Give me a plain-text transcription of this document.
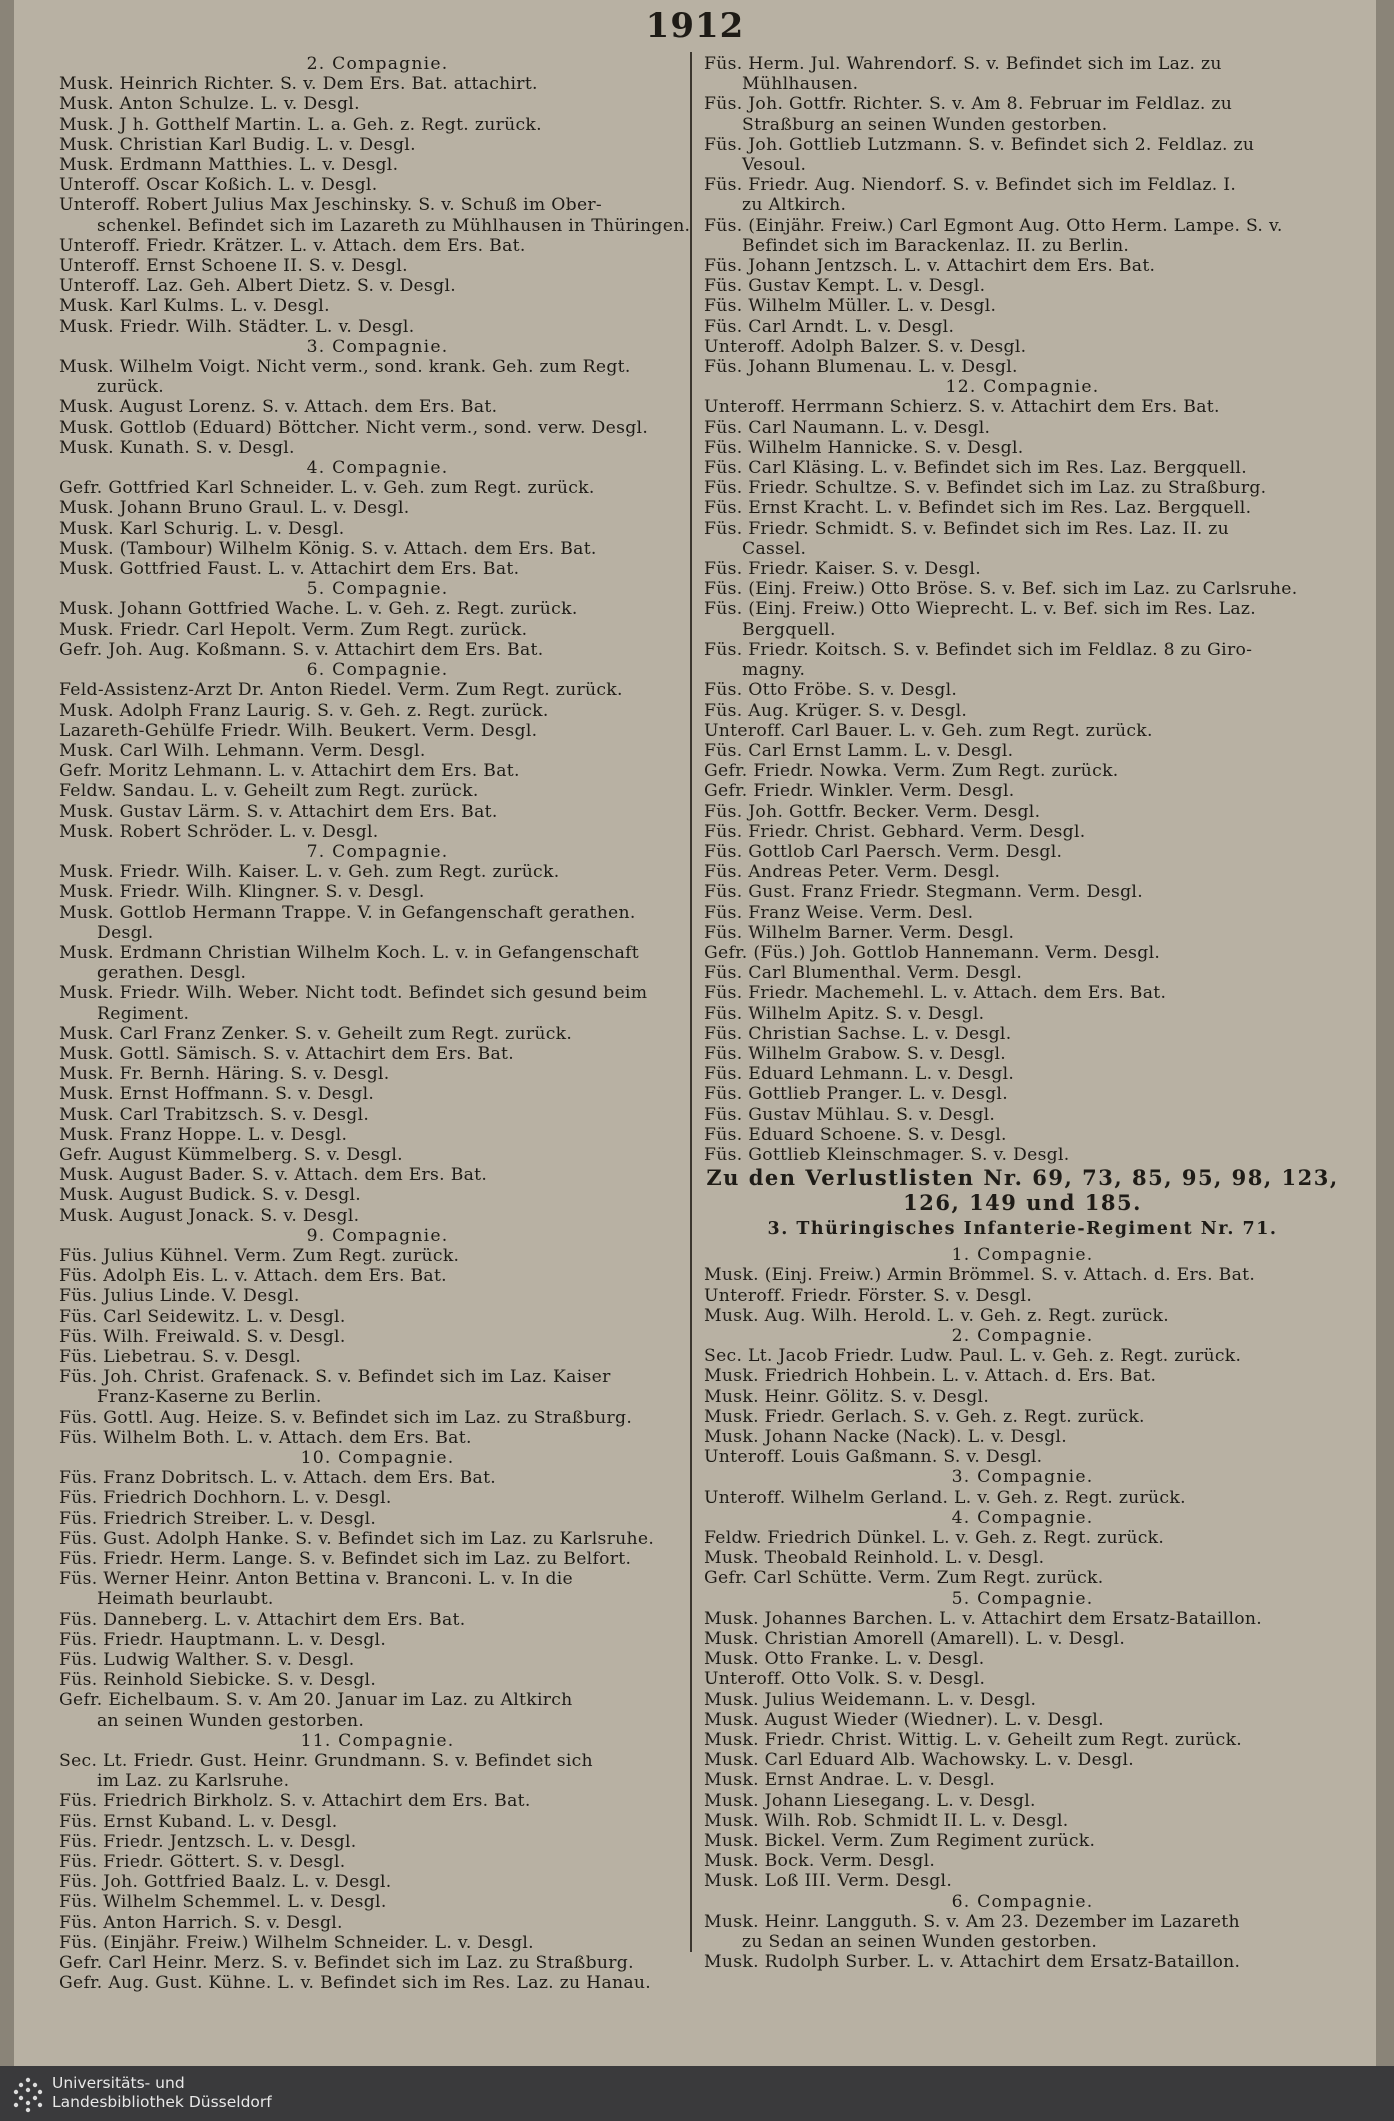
1912
2. Compagnie.
Musk. Heinrich Richter. S. v. Dem Ers. Bat. attachirt.
Musk. Anton Schulze. L. v. Desgl.
Musk. J h. Gotthelf Martin. L. a. Geh. z. Regt. zurück.
Musk. Christian Karl Budig. L. v. Desgl.
Musk. Erdmann Matthies. L. v. Desgl.
Unteroff. Oscar Koßich. L. v. Desgl.
Unteroff. Robert Julius Max Jeschinsky. S. v. Schuß im Ober-
schenkel. Befindet sich im Lazareth zu Mühlhausen in Thüringen.
Unteroff. Friedr. Krätzer. L. v. Attach. dem Ers. Bat.
Unteroff. Ernst Schoene II. S. v. Desgl.
Unteroff. Laz. Geh. Albert Dietz. S. v. Desgl.
Musk. Karl Kulms. L. v. Desgl.
Musk. Friedr. Wilh. Städter. L. v. Desgl.
3. Compagnie.
Musk. Wilhelm Voigt. Nicht verm., sond. krank. Geh. zum Regt.
zurück.
Musk. August Lorenz. S. v. Attach. dem Ers. Bat.
Musk. Gottlob (Eduard) Böttcher. Nicht verm., sond. verw. Desgl.
Musk. Kunath. S. v. Desgl.
4. Compagnie.
Gefr. Gottfried Karl Schneider. L. v. Geh. zum Regt. zurück.
Musk. Johann Bruno Graul. L. v. Desgl.
Musk. Karl Schurig. L. v. Desgl.
Musk. (Tambour) Wilhelm König. S. v. Attach. dem Ers. Bat.
Musk. Gottfried Faust. L. v. Attachirt dem Ers. Bat.
5. Compagnie.
Musk. Johann Gottfried Wache. L. v. Geh. z. Regt. zurück.
Musk. Friedr. Carl Hepolt. Verm. Zum Regt. zurück.
Gefr. Joh. Aug. Koßmann. S. v. Attachirt dem Ers. Bat.
6. Compagnie.
Feld-Assistenz-Arzt Dr. Anton Riedel. Verm. Zum Regt. zurück.
Musk. Adolph Franz Laurig. S. v. Geh. z. Regt. zurück.
Lazareth-Gehülfe Friedr. Wilh. Beukert. Verm. Desgl.
Musk. Carl Wilh. Lehmann. Verm. Desgl.
Gefr. Moritz Lehmann. L. v. Attachirt dem Ers. Bat.
Feldw. Sandau. L. v. Geheilt zum Regt. zurück.
Musk. Gustav Lärm. S. v. Attachirt dem Ers. Bat.
Musk. Robert Schröder. L. v. Desgl.
7. Compagnie.
Musk. Friedr. Wilh. Kaiser. L. v. Geh. zum Regt. zurück.
Musk. Friedr. Wilh. Klingner. S. v. Desgl.
Musk. Gottlob Hermann Trappe. V. in Gefangenschaft gerathen.
Desgl.
Musk. Erdmann Christian Wilhelm Koch. L. v. in Gefangenschaft
gerathen. Desgl.
Musk. Friedr. Wilh. Weber. Nicht todt. Befindet sich gesund beim
Regiment.
Musk. Carl Franz Zenker. S. v. Geheilt zum Regt. zurück.
Musk. Gottl. Sämisch. S. v. Attachirt dem Ers. Bat.
Musk. Fr. Bernh. Häring. S. v. Desgl.
Musk. Ernst Hoffmann. S. v. Desgl.
Musk. Carl Trabitzsch. S. v. Desgl.
Musk. Franz Hoppe. L. v. Desgl.
Gefr. August Kümmelberg. S. v. Desgl.
Musk. August Bader. S. v. Attach. dem Ers. Bat.
Musk. August Budick. S. v. Desgl.
Musk. August Jonack. S. v. Desgl.
9. Compagnie.
Füs. Julius Kühnel. Verm. Zum Regt. zurück.
Füs. Adolph Eis. L. v. Attach. dem Ers. Bat.
Füs. Julius Linde. V. Desgl.
Füs. Carl Seidewitz. L. v. Desgl.
Füs. Wilh. Freiwald. S. v. Desgl.
Füs. Liebetrau. S. v. Desgl.
Füs. Joh. Christ. Grafenack. S. v. Befindet sich im Laz. Kaiser
Franz-Kaserne zu Berlin.
Füs. Gottl. Aug. Heize. S. v. Befindet sich im Laz. zu Straßburg.
Füs. Wilhelm Both. L. v. Attach. dem Ers. Bat.
10. Compagnie.
Füs. Franz Dobritsch. L. v. Attach. dem Ers. Bat.
Füs. Friedrich Dochhorn. L. v. Desgl.
Füs. Friedrich Streiber. L. v. Desgl.
Füs. Gust. Adolph Hanke. S. v. Befindet sich im Laz. zu Karlsruhe.
Füs. Friedr. Herm. Lange. S. v. Befindet sich im Laz. zu Belfort.
Füs. Werner Heinr. Anton Bettina v. Branconi. L. v. In die
Heimath beurlaubt.
Füs. Danneberg. L. v. Attachirt dem Ers. Bat.
Füs. Friedr. Hauptmann. L. v. Desgl.
Füs. Ludwig Walther. S. v. Desgl.
Füs. Reinhold Siebicke. S. v. Desgl.
Gefr. Eichelbaum. S. v. Am 20. Januar im Laz. zu Altkirch
an seinen Wunden gestorben.
11. Compagnie.
Sec. Lt. Friedr. Gust. Heinr. Grundmann. S. v. Befindet sich
im Laz. zu Karlsruhe.
Füs. Friedrich Birkholz. S. v. Attachirt dem Ers. Bat.
Füs. Ernst Kuband. L. v. Desgl.
Füs. Friedr. Jentzsch. L. v. Desgl.
Füs. Friedr. Göttert. S. v. Desgl.
Füs. Joh. Gottfried Baalz. L. v. Desgl.
Füs. Wilhelm Schemmel. L. v. Desgl.
Füs. Anton Harrich. S. v. Desgl.
Füs. (Einjähr. Freiw.) Wilhelm Schneider. L. v. Desgl.
Gefr. Carl Heinr. Merz. S. v. Befindet sich im Laz. zu Straßburg.
Gefr. Aug. Gust. Kühne. L. v. Befindet sich im Res. Laz. zu Hanau.
Füs. Herm. Jul. Wahrendorf. S. v. Befindet sich im Laz. zu
Mühlhausen.
Füs. Joh. Gottfr. Richter. S. v. Am 8. Februar im Feldlaz. zu
Straßburg an seinen Wunden gestorben.
Füs. Joh. Gottlieb Lutzmann. S. v. Befindet sich 2. Feldlaz. zu
Vesoul.
Füs. Friedr. Aug. Niendorf. S. v. Befindet sich im Feldlaz. I.
zu Altkirch.
Füs. (Einjähr. Freiw.) Carl Egmont Aug. Otto Herm. Lampe. S. v.
Befindet sich im Barackenlaz. II. zu Berlin.
Füs. Johann Jentzsch. L. v. Attachirt dem Ers. Bat.
Füs. Gustav Kempt. L. v. Desgl.
Füs. Wilhelm Müller. L. v. Desgl.
Füs. Carl Arndt. L. v. Desgl.
Unteroff. Adolph Balzer. S. v. Desgl.
Füs. Johann Blumenau. L. v. Desgl.
12. Compagnie.
Unteroff. Herrmann Schierz. S. v. Attachirt dem Ers. Bat.
Füs. Carl Naumann. L. v. Desgl.
Füs. Wilhelm Hannicke. S. v. Desgl.
Füs. Carl Kläsing. L. v. Befindet sich im Res. Laz. Bergquell.
Füs. Friedr. Schultze. S. v. Befindet sich im Laz. zu Straßburg.
Füs. Ernst Kracht. L. v. Befindet sich im Res. Laz. Bergquell.
Füs. Friedr. Schmidt. S. v. Befindet sich im Res. Laz. II. zu
Cassel.
Füs. Friedr. Kaiser. S. v. Desgl.
Füs. (Einj. Freiw.) Otto Bröse. S. v. Bef. sich im Laz. zu Carlsruhe.
Füs. (Einj. Freiw.) Otto Wieprecht. L. v. Bef. sich im Res. Laz.
Bergquell.
Füs. Friedr. Koitsch. S. v. Befindet sich im Feldlaz. 8 zu Giro-
magny.
Füs. Otto Fröbe. S. v. Desgl.
Füs. Aug. Krüger. S. v. Desgl.
Unteroff. Carl Bauer. L. v. Geh. zum Regt. zurück.
Füs. Carl Ernst Lamm. L. v. Desgl.
Gefr. Friedr. Nowka. Verm. Zum Regt. zurück.
Gefr. Friedr. Winkler. Verm. Desgl.
Füs. Joh. Gottfr. Becker. Verm. Desgl.
Füs. Friedr. Christ. Gebhard. Verm. Desgl.
Füs. Gottlob Carl Paersch. Verm. Desgl.
Füs. Andreas Peter. Verm. Desgl.
Füs. Gust. Franz Friedr. Stegmann. Verm. Desgl.
Füs. Franz Weise. Verm. Desl.
Füs. Wilhelm Barner. Verm. Desgl.
Gefr. (Füs.) Joh. Gottlob Hannemann. Verm. Desgl.
Füs. Carl Blumenthal. Verm. Desgl.
Füs. Friedr. Machemehl. L. v. Attach. dem Ers. Bat.
Füs. Wilhelm Apitz. S. v. Desgl.
Füs. Christian Sachse. L. v. Desgl.
Füs. Wilhelm Grabow. S. v. Desgl.
Füs. Eduard Lehmann. L. v. Desgl.
Füs. Gottlieb Pranger. L. v. Desgl.
Füs. Gustav Mühlau. S. v. Desgl.
Füs. Eduard Schoene. S. v. Desgl.
Füs. Gottlieb Kleinschmager. S. v. Desgl.
Zu den Verlustlisten Nr. 69, 73, 85, 95, 98, 123, 126, 149 und 185.
3. Thüringisches Infanterie-Regiment Nr. 71.
1. Compagnie.
Musk. (Einj. Freiw.) Armin Brömmel. S. v. Attach. d. Ers. Bat.
Unteroff. Friedr. Förster. S. v. Desgl.
Musk. Aug. Wilh. Herold. L. v. Geh. z. Regt. zurück.
2. Compagnie.
Sec. Lt. Jacob Friedr. Ludw. Paul. L. v. Geh. z. Regt. zurück.
Musk. Friedrich Hohbein. L. v. Attach. d. Ers. Bat.
Musk. Heinr. Gölitz. S. v. Desgl.
Musk. Friedr. Gerlach. S. v. Geh. z. Regt. zurück.
Musk. Johann Nacke (Nack). L. v. Desgl.
Unteroff. Louis Gaßmann. S. v. Desgl.
3. Compagnie.
Unteroff. Wilhelm Gerland. L. v. Geh. z. Regt. zurück.
4. Compagnie.
Feldw. Friedrich Dünkel. L. v. Geh. z. Regt. zurück.
Musk. Theobald Reinhold. L. v. Desgl.
Gefr. Carl Schütte. Verm. Zum Regt. zurück.
5. Compagnie.
Musk. Johannes Barchen. L. v. Attachirt dem Ersatz-Bataillon.
Musk. Christian Amorell (Amarell). L. v. Desgl.
Musk. Otto Franke. L. v. Desgl.
Unteroff. Otto Volk. S. v. Desgl.
Musk. Julius Weidemann. L. v. Desgl.
Musk. August Wieder (Wiedner). L. v. Desgl.
Musk. Friedr. Christ. Wittig. L. v. Geheilt zum Regt. zurück.
Musk. Carl Eduard Alb. Wachowsky. L. v. Desgl.
Musk. Ernst Andrae. L. v. Desgl.
Musk. Johann Liesegang. L. v. Desgl.
Musk. Wilh. Rob. Schmidt II. L. v. Desgl.
Musk. Bickel. Verm. Zum Regiment zurück.
Musk. Bock. Verm. Desgl.
Musk. Loß III. Verm. Desgl.
6. Compagnie.
Musk. Heinr. Langguth. S. v. Am 23. Dezember im Lazareth
zu Sedan an seinen Wunden gestorben.
Musk. Rudolph Surber. L. v. Attachirt dem Ersatz-Bataillon.
Universitäts- und
Landesbibliothek Düsseldorf
